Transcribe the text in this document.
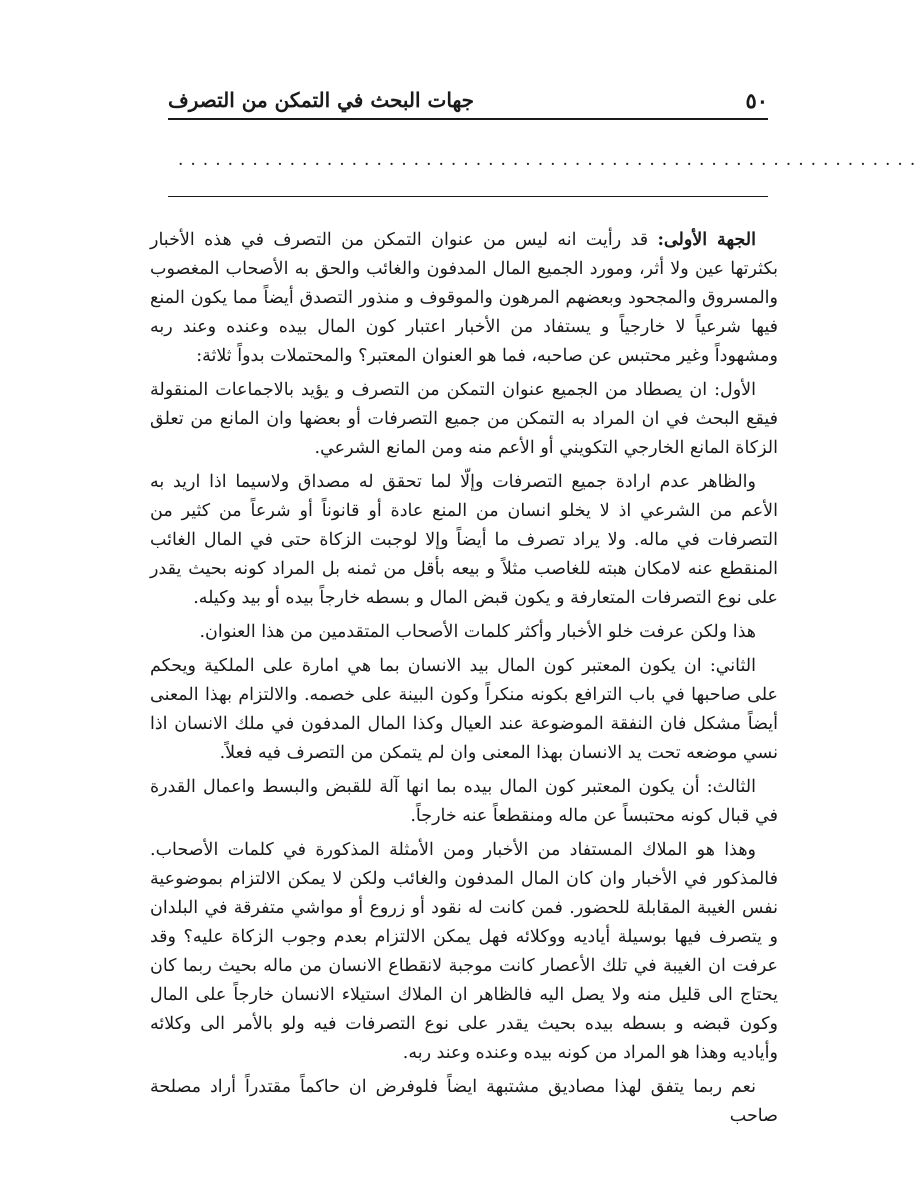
٥٠
جهات البحث في التمكن من التصرف
............................................................

الجهة الأولى: قد رأيت انه ليس من عنوان التمكن من التصرف في هذه الأخبار بكثرتها عين ولا أثر، ومورد الجميع المال المدفون والغائب والحق به الأصحاب المغصوب والمسروق والمجحود وبعضهم المرهون والموقوف و منذور التصدق أيضاً مما يكون المنع فيها شرعياً لا خارجياً و يستفاد من الأخبار اعتبار كون المال بيده وعنده وعند ربه ومشهوداً وغير محتبس عن صاحبه، فما هو العنوان المعتبر؟ والمحتملات بدواً ثلاثة:

الأول: ان يصطاد من الجميع عنوان التمكن من التصرف و يؤيد بالاجماعات المنقولة فيقع البحث في ان المراد به التمكن من جميع التصرفات أو بعضها وان المانع من تعلق الزكاة المانع الخارجي التكويني أو الأعم منه ومن المانع الشرعي.

والظاهر عدم ارادة جميع التصرفات وإلّا لما تحقق له مصداق ولاسيما اذا اريد به الأعم من الشرعي اذ لا يخلو انسان من المنع عادة أو قانوناً أو شرعاً من كثير من التصرفات في ماله. ولا يراد تصرف ما أيضاً وإلا لوجبت الزكاة حتى في المال الغائب المنقطع عنه لامكان هبته للغاصب مثلاً و بيعه بأقل من ثمنه بل المراد كونه بحيث يقدر على نوع التصرفات المتعارفة و يكون قبض المال و بسطه خارجاً بيده أو بيد وكيله.

هذا ولكن عرفت خلو الأخبار وأكثر كلمات الأصحاب المتقدمين من هذا العنوان.

الثاني: ان يكون المعتبر كون المال بيد الانسان بما هي امارة على الملكية ويحكم على صاحبها في باب الترافع بكونه منكراً وكون البينة على خصمه. والالتزام بهذا المعنى أيضاً مشكل فان النفقة الموضوعة عند العيال وكذا المال المدفون في ملك الانسان اذا نسي موضعه تحت يد الانسان بهذا المعنى وان لم يتمكن من التصرف فيه فعلاً.

الثالث: أن يكون المعتبر كون المال بيده بما انها آلة للقبض والبسط واعمال القدرة في قبال كونه محتبساً عن ماله ومنقطعاً عنه خارجاً.

وهذا هو الملاك المستفاد من الأخبار ومن الأمثلة المذكورة في كلمات الأصحاب. فالمذكور في الأخبار وان كان المال المدفون والغائب ولكن لا يمكن الالتزام بموضوعية نفس الغيبة المقابلة للحضور. فمن كانت له نقود أو زروع أو مواشي متفرقة في البلدان و يتصرف فيها بوسيلة أياديه ووكلائه فهل يمكن الالتزام بعدم وجوب الزكاة عليه؟ وقد عرفت ان الغيبة في تلك الأعصار كانت موجبة لانقطاع الانسان من ماله بحيث ربما كان يحتاج الى قليل منه ولا يصل اليه فالظاهر ان الملاك استيلاء الانسان خارجاً على المال وكون قبضه و بسطه بيده بحيث يقدر على نوع التصرفات فيه ولو بالأمر الى وكلائه وأياديه وهذا هو المراد من كونه بيده وعنده وعند ربه.

نعم ربما يتفق لهذا مصاديق مشتبهة ايضاً فلوفرض ان حاكماً مقتدراً أراد مصلحة صاحب
